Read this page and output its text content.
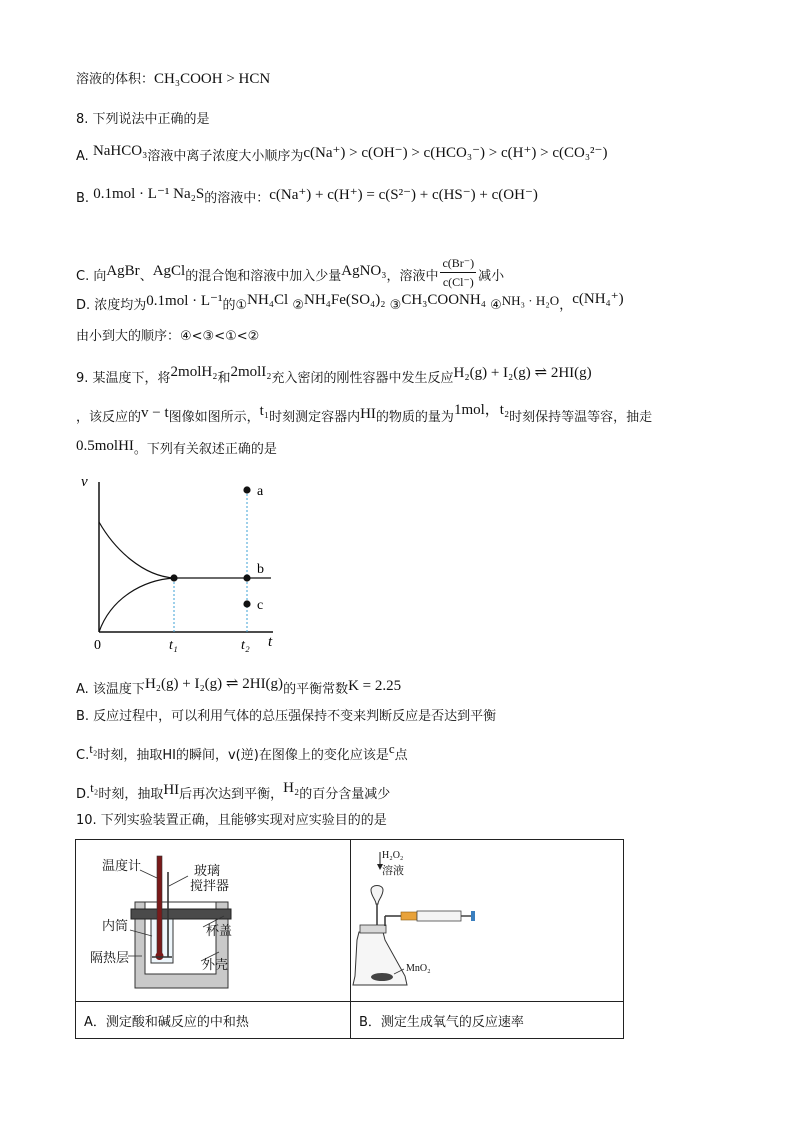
溶液的体积：CH₃COOH > HCN
8. 下列说法中正确的是
A. NaHCO₃溶液中离子浓度大小顺序为c(Na⁺) > c(OH⁻) > c(HCO₃⁻) > c(H⁺) > c(CO₃²⁻)
B. 0.1mol · L⁻¹ Na₂S的溶液中：c(Na⁺) + c(H⁺) = c(S²⁻) + c(HS⁻) + c(OH⁻)
C. 向AgBr、AgCl的混合饱和溶液中加入少量AgNO₃，溶液中 $\frac{c(Br^-)}{c(Cl^-)}$ 减小
D. 浓度均为0.1mol · L⁻¹的①NH₄Cl ②NH₄Fe(SO₄)₂ ③CH₃COONH₄ ④NH₃ · H₂O，c(NH₄⁺)
由小到大的顺序：④<③<①<②
9. 某温度下，将2molH₂和2molI₂充入密闭的刚性容器中发生反应H₂(g) + I₂(g) ⇌ 2HI(g)
，该反应的v − t图像如图所示，t₁时刻测定容器内HI的物质的量为1mol，t₂时刻保持等温等容，抽走
0.5molHI。下列有关叙述正确的是
v
t
0
a
b
c
t₁	t₂
A. 该温度下H₂(g) + I₂(g) ⇌ 2HI(g)的平衡常数K = 2.25
B. 反应过程中，可以利用气体的总压强保持不变来判断反应是否达到平衡
C.t₂时刻，抽取HI的瞬间，v(逆)在图像上的变化应该是c点
D.t₂时刻，抽取HI后再次达到平衡，H₂的百分含量减少
10. 下列实验装置正确，且能够实现对应实验目的的是
温度计	玻璃
搅拌器
内筒	杯盖
隔热层	外壳
H₂O₂
溶液
MnO₂
A．测定酸和碱反应的中和热	B．测定生成氧气的反应速率
